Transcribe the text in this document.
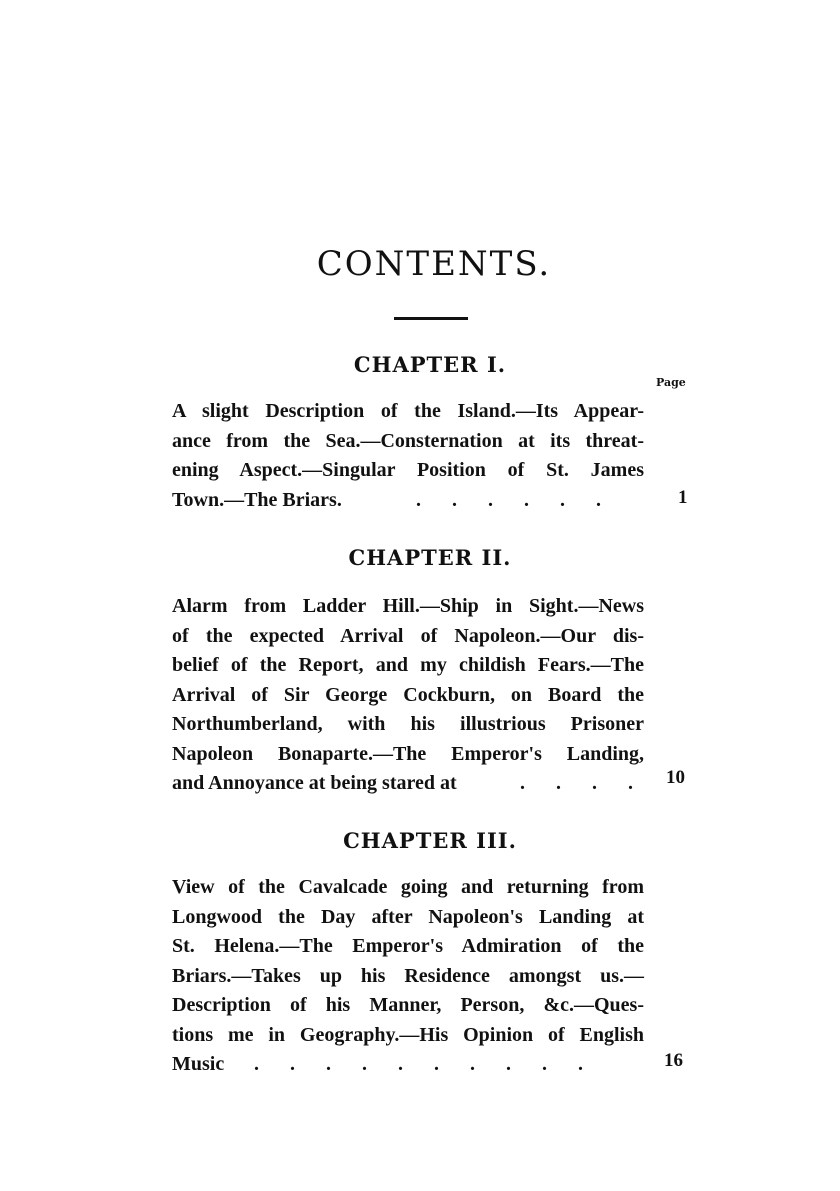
CONTENTS.
CHAPTER I.
Page
A slight Description of the Island.—Its Appear-
ance from the Sea.—Consternation at its threat-
ening Aspect.—Singular Position of St. James
Town.—The Briars.	. . . . . .	1
CHAPTER II.
Alarm from Ladder Hill.—Ship in Sight.—News
of the expected Arrival of Napoleon.—Our dis-
belief of the Report, and my childish Fears.—The
Arrival of Sir George Cockburn, on Board the
Northumberland, with his illustrious Prisoner
Napoleon Bonaparte.—The Emperor's Landing,
and Annoyance at being stared at	. . . . 10
CHAPTER III.
View of the Cavalcade going and returning from
Longwood the Day after Napoleon's Landing at
St. Helena.—The Emperor's Admiration of the
Briars.—Takes up his Residence amongst us.—
Description of his Manner, Person, &c.—Ques-
tions me in Geography.—His Opinion of English
Music . . . . . . . . . .	16
